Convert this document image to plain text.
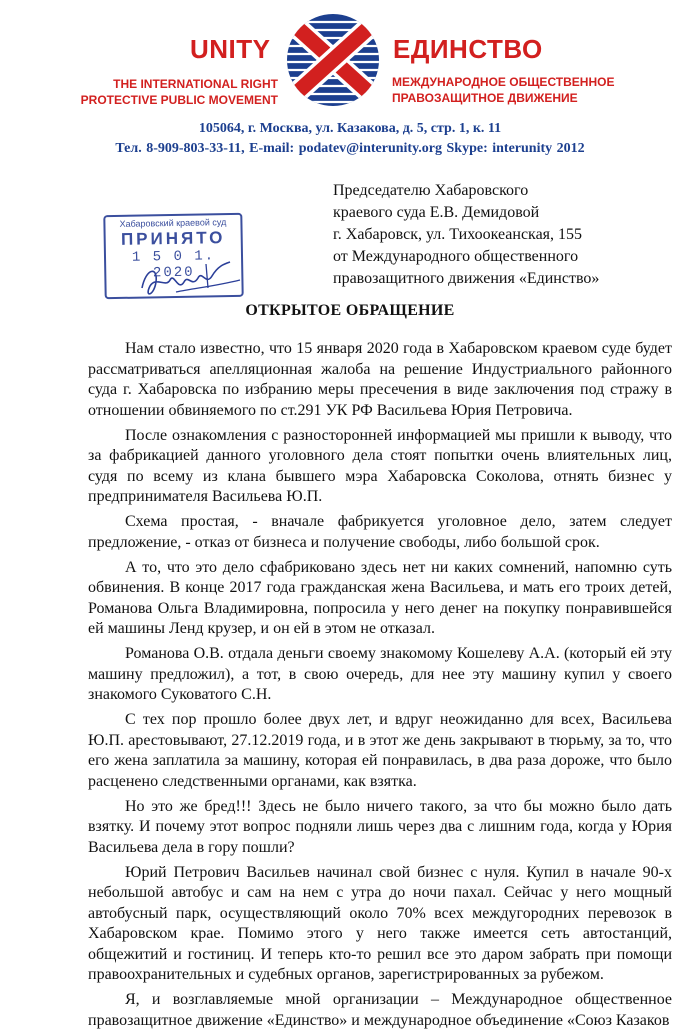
UNITY	ЕДИНСТВО
THE INTERNATIONAL RIGHT
PROTECTIVE PUBLIC MOVEMENT
МЕЖДУНАРОДНОЕ ОБЩЕСТВЕННОЕ
ПРАВОЗАЩИТНОЕ ДВИЖЕНИЕ
105064, г. Москва, ул. Казакова, д. 5, стр. 1, к. 11
Тел. 8-909-803-33-11, E-mail: podatev@interunity.org Skype: interunity 2012
Председателю Хабаровского
краевого суда Е.В. Демидовой
г. Хабаровск, ул. Тихоокеанская, 155
от Международного общественного
правозащитного движения «Единство»
Хабаровский краевой суд
ПРИНЯТО
1 5 0 1. 2020
ОТКРЫТОЕ ОБРАЩЕНИЕ

Нам стало известно, что 15 января 2020 года в Хабаровском краевом суде будет рассматриваться апелляционная жалоба на решение Индустриального районного суда г. Хабаровска по избранию меры пресечения в виде заключения под стражу в отношении обвиняемого по ст.291 УК РФ Васильева Юрия Петровича.

После ознакомления с разносторонней информацией мы пришли к выводу, что за фабрикацией данного уголовного дела стоят попытки очень влиятельных лиц, судя по всему из клана бывшего мэра Хабаровска Соколова, отнять бизнес у предпринимателя Васильева Ю.П.

Схема простая, - вначале фабрикуется уголовное дело, затем следует предложение, - отказ от бизнеса и получение свободы, либо большой срок.

А то, что это дело сфабриковано здесь нет ни каких сомнений, напомню суть обвинения. В конце 2017 года гражданская жена Васильева, и мать его троих детей, Романова Ольга Владимировна, попросила у него денег на покупку понравившейся ей машины Ленд крузер, и он ей в этом не отказал.

Романова О.В. отдала деньги своему знакомому Кошелеву А.А. (который ей эту машину предложил), а тот, в свою очередь, для нее эту машину купил у своего знакомого Суковатого С.Н.

С тех пор прошло более двух лет, и вдруг неожиданно для всех, Васильева Ю.П. арестовывают, 27.12.2019 года, и в этот же день закрывают в тюрьму, за то, что его жена заплатила за машину, которая ей понравилась, в два раза дороже, что было расценено следственными органами, как взятка.

Но это же бред!!! Здесь не было ничего такого, за что бы можно было дать взятку. И почему этот вопрос подняли лишь через два с лишним года, когда у Юрия Васильева дела в гору пошли?

Юрий Петрович Васильев начинал свой бизнес с нуля. Купил в начале 90-х небольшой автобус и сам на нем с утра до ночи пахал. Сейчас у него мощный автобусный парк, осуществляющий около 70% всех междугородних перевозок в Хабаровском крае. Помимо этого у него также имеется сеть автостанций, общежитий и гостиниц. И теперь кто-то решил все это даром забрать при помощи правоохранительных и судебных органов, зарегистрированных за рубежом.

Я, и возглавляемые мной организации – Международное общественное правозащитное движение «Единство» и международное объединение «Союз Казаков
